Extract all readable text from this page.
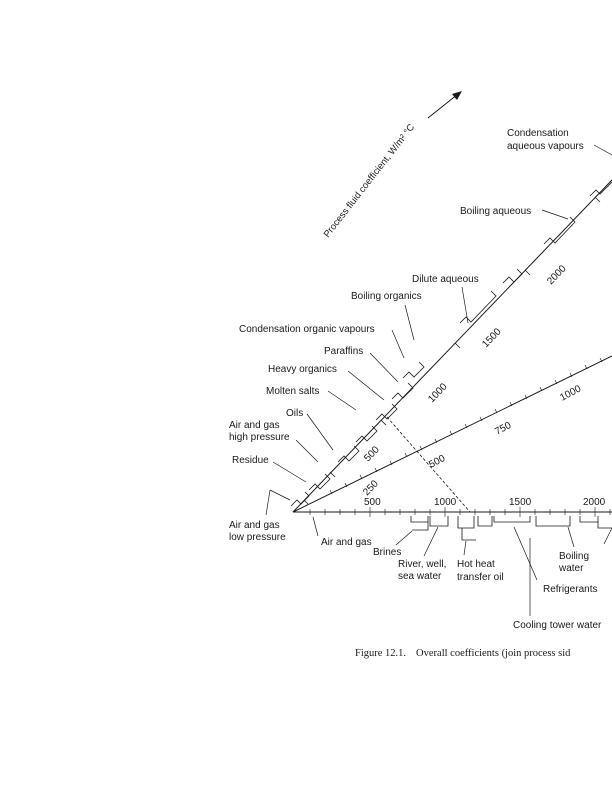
Process fluid coefficient, W/m² °C	Condensation
aqueous vapours
Boiling aqueous
Dilute aqueous
Boiling organics
Condensation organic vapours
Paraffins
Heavy organics
Molten salts
Oils
Air and gas
high pressure
Residue
Air and gas
low pressure
250
500
1000
1500
2000
500
750
1000
1000	1500	2000
500
Air and gas
Brines
River, well,
sea water
Hot heat
transfer oil
Refrigerants
Cooling tower water
Boiling
water
Figure 12.1. Overall coefficients (join process sid
